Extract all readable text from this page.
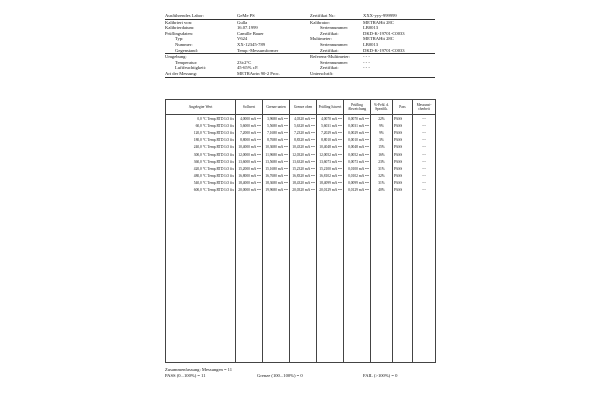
Ausführendes Labor:	GeMe PS	Zertifikat Nr.:	XXX-yyy-999999
Kalibriert von:	Gulla	Kalibrator:	METRAHit 28C
Kalibrierdatum:	16.07.1999	Seriennummer:	LB0013
Prüflingsdaten:	Camille Bauer	Zertifikat:	DKD-K-19701-C0033
Typ:	V624	Multimeter:	METRAHit 28C
Nummer:	XX-12345-789	Seriennummer:	LB0013
Gegenstand:	Temp.-Messumformer	Zertifikat:	DKD-K-19701-C0033
Umgebung:	Referenz-Multimeter:	- - -
Temperatur:	23±2°C	Seriennummer:	- - -
Luftfeuchtigkeit:	45-65% r.F.	Zertifikat:	- - -
Art der Messung:	METRAwin 90-2 Proc.	Unterschrift:
Angelegter Wert	Sollwert	Grenze unten	Grenze oben	Prüfling Istwert	Prüfling Abweichung	%-Fehl. d. Spezifik.	Pass	Messunsi-cherheit
0,0 °C Temp.RTD LO fix	4,0000 mA ==	3,9680 mA ==	4,0320 mA ==	4,0070 mA ==	0,0070 mA ==	22%	PASS	---
60,0 °C Temp.RTD LO fix	5,6000 mA ==	5,5680 mA ==	5,6320 mA ==	5,6031 mA ==	0,0031 mA ==	9%	PASS	---
120,0 °C Temp.RTD LO fix	7,2000 mA ==	7,1680 mA ==	7,2320 mA ==	7,2029 mA ==	0,0029 mA ==	9%	PASS	---
180,0 °C Temp.RTD LO fix	8,8000 mA ==	8,7680 mA ==	8,8320 mA ==	8,8010 mA ==	0,0010 mA ==	3%	PASS	---
240,0 °C Temp.RTD LO fix	10,4000 mA ==	10,3680 mA ==	10,4320 mA ==	10,4048 mA ==	0,0048 mA ==	15%	PASS	---
300,0 °C Temp.RTD LO fix	12,0000 mA ==	11,9680 mA ==	12,0320 mA ==	12,0052 mA ==	0,0052 mA ==	16%	PASS	---
360,0 °C Temp.RTD LO fix	13,6000 mA ==	13,5680 mA ==	13,6320 mA ==	13,6073 mA ==	0,0073 mA ==	23%	PASS	---
420,0 °C Temp.RTD LO fix	15,2000 mA ==	15,1680 mA ==	15,2320 mA ==	15,2100 mA ==	0,0100 mA ==	31%	PASS	---
480,0 °C Temp.RTD LO fix	16,8000 mA ==	16,7680 mA ==	16,8320 mA ==	16,8102 mA ==	0,0102 mA ==	32%	PASS	---
540,0 °C Temp.RTD LO fix	18,4000 mA ==	18,3680 mA ==	18,4320 mA ==	18,4099 mA ==	0,0099 mA ==	31%	PASS	---
600,0 °C Temp.RTD LO fix	20,0000 mA ==	19,9680 mA ==	20,0320 mA ==	20,0129 mA ==	0,0129 mA ==	40%	PASS	---

Zusammenfassung: Messungen = 11
PASS (0...100%) = 11	Grenze (100...100%) = 0	FAIL (>100%) = 0
